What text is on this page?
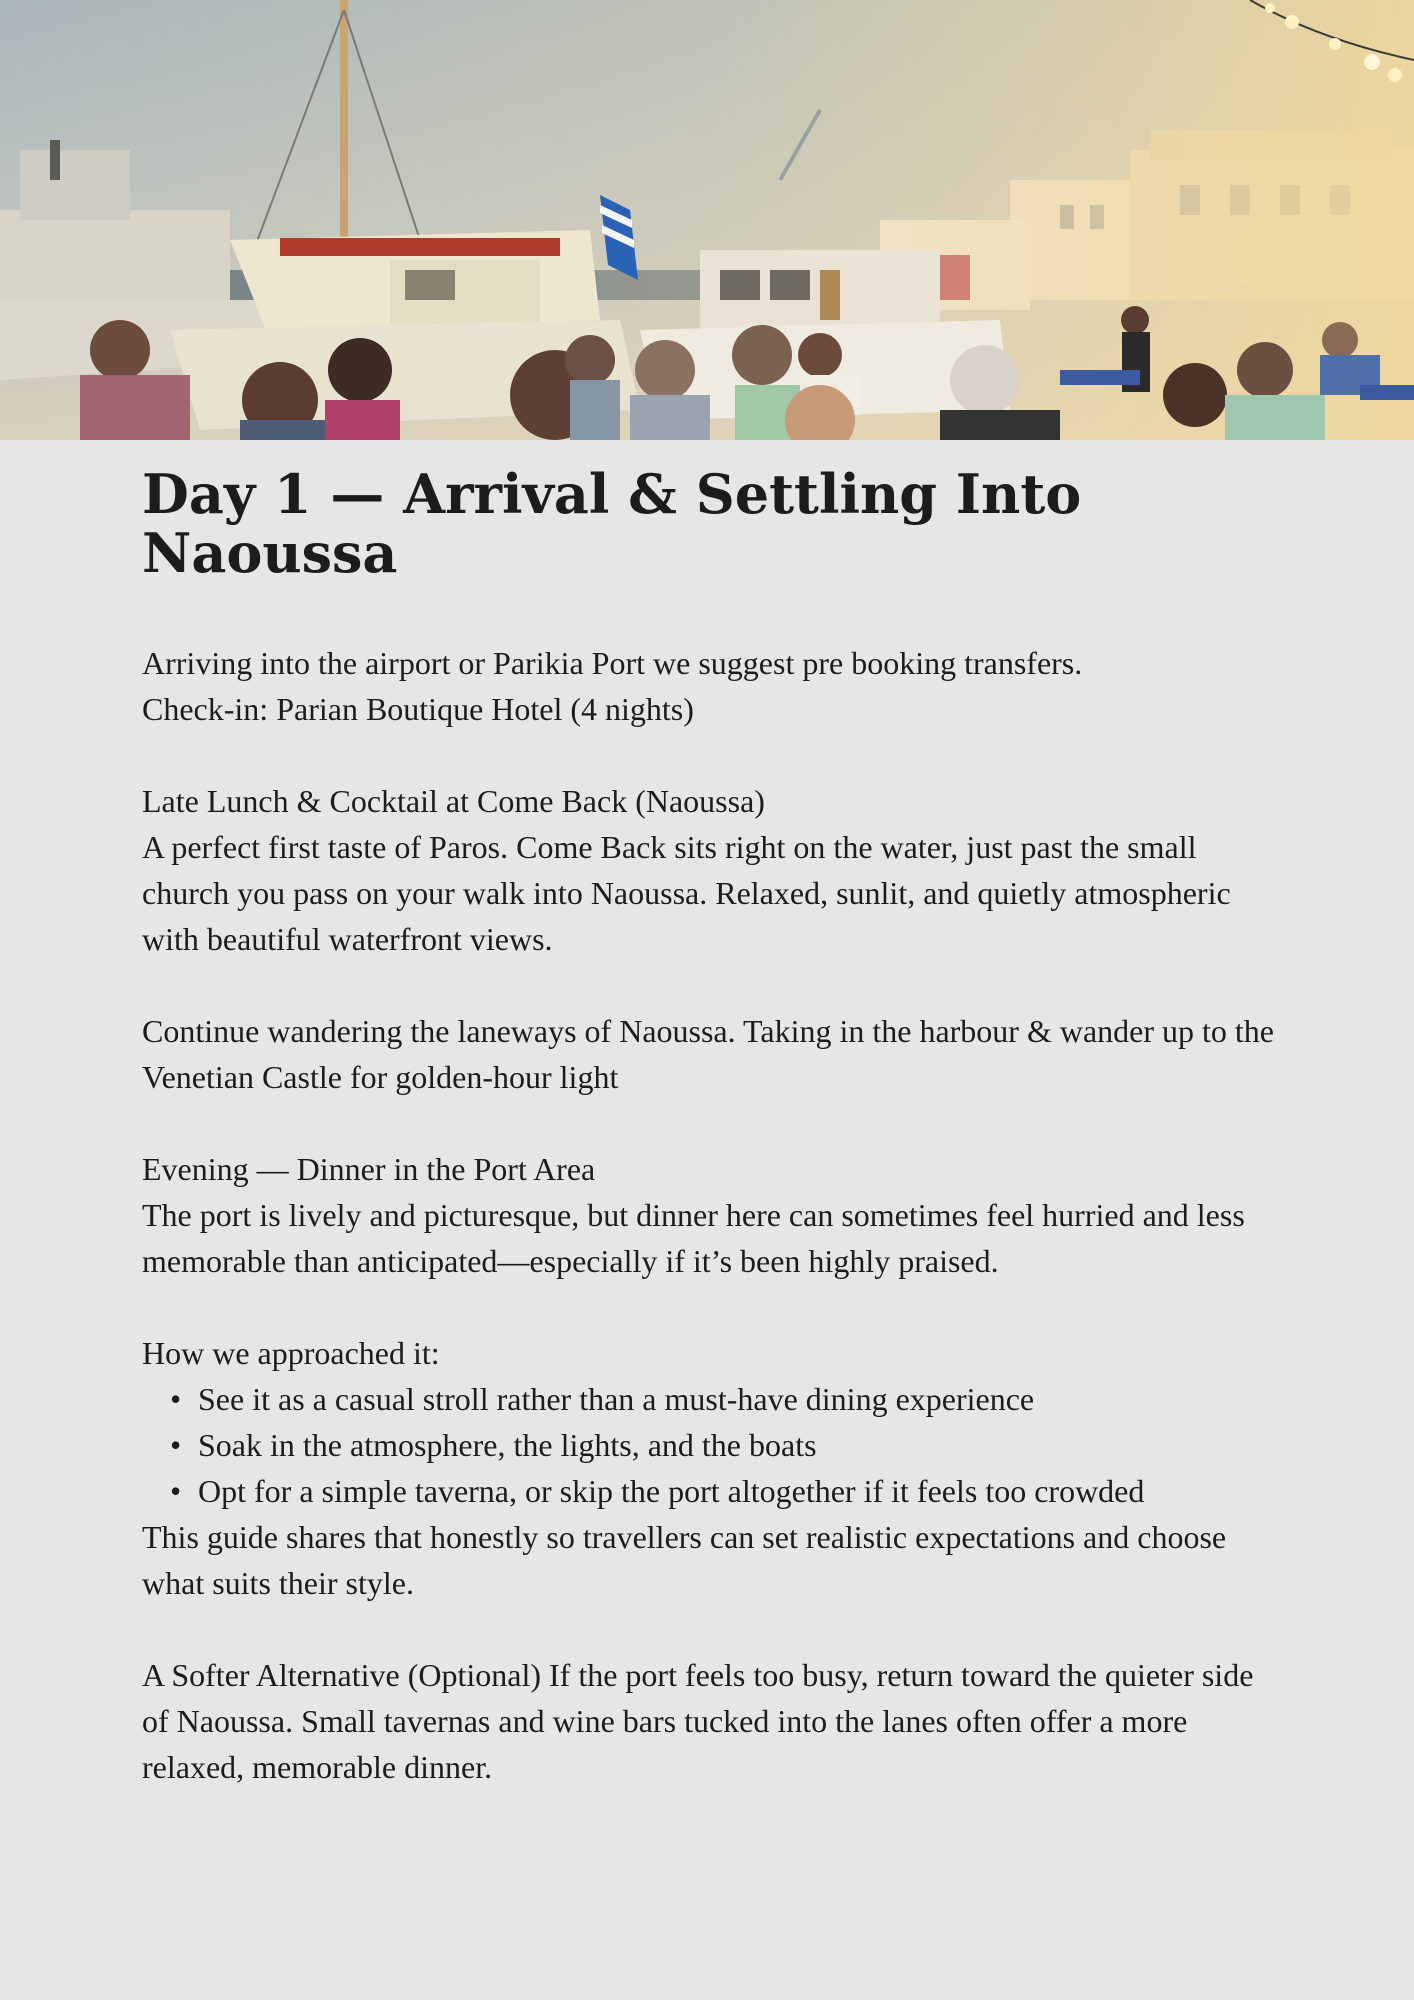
Day 1 — Arrival & Settling Into Naoussa

Arriving into the airport or Parikia Port we suggest pre booking transfers.

Check-in: Parian Boutique Hotel (4 nights)

Late Lunch & Cocktail at Come Back (Naoussa)

A perfect first taste of Paros. Come Back sits right on the water, just past the small church you pass on your walk into Naoussa. Relaxed, sunlit, and quietly atmospheric with beautiful waterfront views.

Continue wandering the laneways of Naoussa. Taking in the harbour & wander up to the Venetian Castle for golden-hour light

Evening — Dinner in the Port Area

The port is lively and picturesque, but dinner here can sometimes feel hurried and less memorable than anticipated—especially if it’s been highly praised.

How we approached it:

• See it as a casual stroll rather than a must-have dining experience
• Soak in the atmosphere, the lights, and the boats
• Opt for a simple taverna, or skip the port altogether if it feels too crowded

This guide shares that honestly so travellers can set realistic expectations and choose what suits their style.

A Softer Alternative (Optional) If the port feels too busy, return toward the quieter side of Naoussa. Small tavernas and wine bars tucked into the lanes often offer a more relaxed, memorable dinner.
